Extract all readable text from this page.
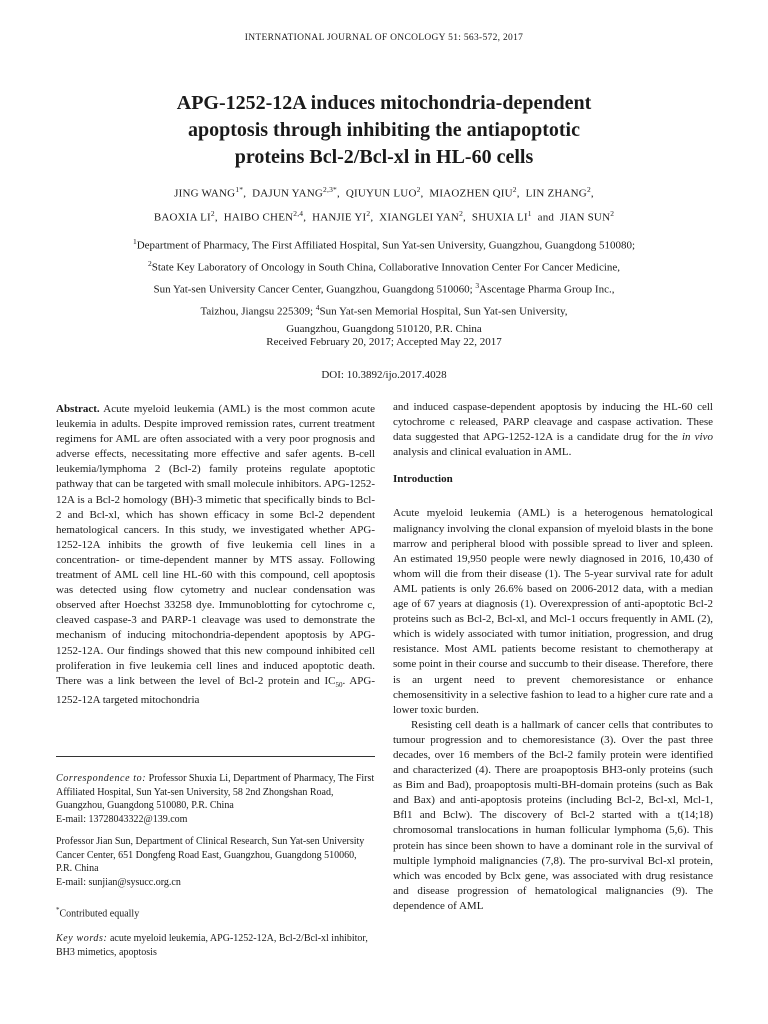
INTERNATIONAL JOURNAL OF ONCOLOGY 51: 563-572, 2017
APG-1252-12A induces mitochondria-dependent
apoptosis through inhibiting the antiapoptotic
proteins Bcl-2/Bcl-xl in HL-60 cells
JING $WANG^{1*}$,  DAJUN $YANG^{2,3*}$,  QIUYUN LUO$^2$,  MIAOZHEN QIU$^2$,  LIN ZHANG$^2$,
BAOXIA $LI^2$,  HAIBO CHEN$^{2,4}$,  HANJIE $YI^2$,  XIANGLEI YAN$^2$,  SHUXIA $LI^1$ and JIAN SUN$^2$
$^1$Department of Pharmacy, The First Affiliated Hospital, Sun Yat-sen University, Guangzhou, Guangdong 510080;
$^2$State Key Laboratory of Oncology in South China, Collaborative Innovation Center For Cancer Medicine,
Sun Yat-sen University Cancer Center, Guangzhou, Guangdong 510060; $^3$Ascentage Pharma Group Inc.,
Taizhou, Jiangsu 225309; $^4$Sun Yat-sen Memorial Hospital, Sun Yat-sen University,
Guangzhou, Guangdong 510120, P.R. China
Received February 20, 2017; Accepted May 22, 2017
DOI: 10.3892/ijo.2017.4028

Abstract. Acute myeloid leukemia (AML) is the most common acute leukemia in adults. Despite improved remission rates, current treatment regimens for AML are often associated with a very poor prognosis and adverse effects, necessitating more effective and safer agents. B-cell leukemia/lymphoma 2 (Bcl-2) family proteins regulate apoptotic pathway that can be targeted with small molecule inhibitors. APG-1252-12A is a Bcl-2 homology (BH)-3 mimetic that specifically binds to Bcl-2 and Bcl-xl, which has shown efficacy in some Bcl-2 dependent hematological cancers. In this study, we investigated whether APG-1252-12A inhibits the growth of five leukemia cell lines in a concentration- or time-dependent manner by MTS assay. Following treatment of AML cell line HL-60 with this compound, cell apoptosis was detected using flow cytometry and nuclear condensation was observed after Hoechst 33258 dye. Immunoblotting for cytochrome c, cleaved caspase-3 and PARP-1 cleavage was used to demonstrate the mechanism of inducing mitochondria-dependent apoptosis by APG-1252-12A. Our findings showed that this new compound inhibited cell proliferation in five leukemia cell lines and induced apoptotic death. There was a link between the level of Bcl-2 protein and $IC_{50}$. APG-1252-12A targeted mitochondria

Correspondence to: Professor Shuxia Li, Department of Pharmacy, The First Affiliated Hospital, Sun Yat-sen University, 58 2nd Zhongshan Road, Guangzhou, Guangdong 510080, P.R. China

E-mail: 13728043322@139.com

Professor Jian Sun, Department of Clinical Research, Sun Yat-sen University Cancer Center, 651 Dongfeng Road East, Guangzhou, Guangdong 510060, P.R. China

E-mail: sunjian@sysucc.org.cn

*Contributed equally

Key words: acute myeloid leukemia, APG-1252-12A, Bcl-2/Bcl-xl inhibitor, BH3 mimetics, apoptosis

and induced caspase-dependent apoptosis by inducing the HL-60 cell cytochrome c released, PARP cleavage and caspase activation. These data suggested that APG-1252-12A is a candidate drug for the in vivo analysis and clinical evaluation in AML.

Introduction

Acute myeloid leukemia (AML) is a heterogenous hematological malignancy involving the clonal expansion of myeloid blasts in the bone marrow and peripheral blood with possible spread to liver and spleen. An estimated 19,950 people were newly diagnosed in 2016, 10,430 of whom will die from their disease (1). The 5-year survival rate for adult AML patients is only 26.6% based on 2006-2012 data, with a median age of 67 years at diagnosis (1). Overexpression of anti-apoptotic Bcl-2 proteins such as Bcl-2, Bcl-xl, and Mcl-1 occurs frequently in AML (2), which is widely associated with tumor initiation, progression, and drug resistance. Most AML patients become resistant to chemotherapy at some point in their course and succumb to their disease. Therefore, there is an urgent need to prevent chemoresistance or enhance chemosensitivity in a selective fashion to lead to a higher cure rate and a lower toxic burden.

Resisting cell death is a hallmark of cancer cells that contributes to tumour progression and to chemoresistance (3). Over the past three decades, over 16 members of the Bcl-2 family protein were identified and characterized (4). There are proapoptosis BH3-only proteins (such as Bim and Bad), proapoptosis multi-BH-domain proteins (such as Bak and Bax) and anti-apoptosis proteins (including Bcl-2, Bcl-xl, Mcl-1, Bfl1 and Bclw). The discovery of Bcl-2 started with a t(14;18) chromosomal translocations in human follicular lymphoma (5,6). This protein has since been shown to have a dominant role in the survival of multiple lymphoid malignancies (7,8). The pro-survival Bcl-xl protein, which was encoded by Bclx gene, was associated with drug resistance and disease progression of hematological malignancies (9). The dependence of AML
